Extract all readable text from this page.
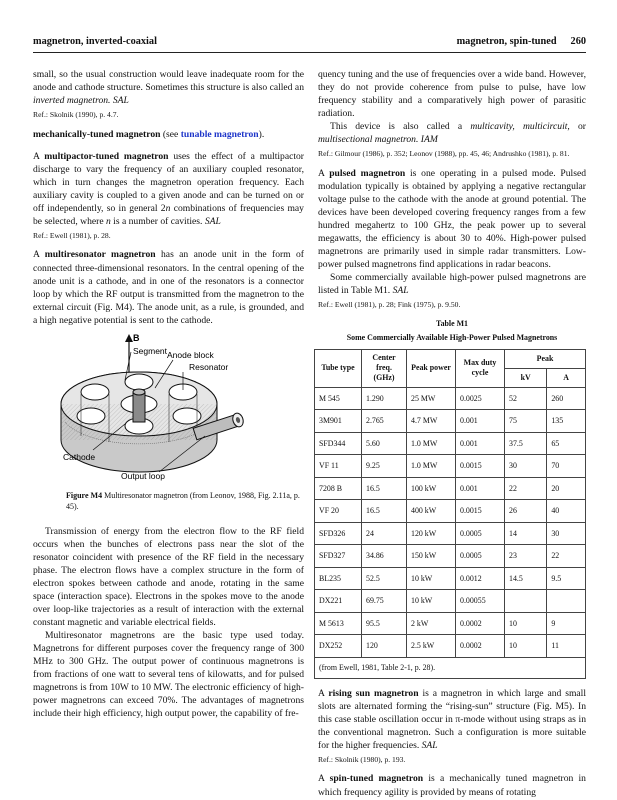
magnetron, inverted-coaxial	magnetron, spin-tuned 260

small, so the usual construction would leave inadequate room for the anode and cathode structure. Sometimes this structure is also called an inverted magnetron. SAL

Ref.: Skolnik (1990), p. 4.7.

mechanically-tuned magnetron (see tunable magnetron).

A multipactor-tuned magnetron uses the effect of a multipactor discharge to vary the frequency of an auxiliary coupled resonator, which in turn changes the magnetron operation frequency. Each auxiliary cavity is coupled to a given anode and can be turned on or off independently, so in general 2n combinations of frequencies may be selected, where n is a number of cavities. SAL

Ref.: Ewell (1981), p. 28.

A multiresonator magnetron has an anode unit in the form of connected three-dimensional resonators. In the central opening of the anode unit is a cathode, and in one of the resonators is a connector loop by which the RF output is transmitted from the magnetron to the external circuit (Fig. M4). The anode unit, as a rule, is grounded, and a high negative potential is sent to the cathode.

B
Segment Anode block
Resonator
Cathode
Output loop
Figure M4 Multiresonator magnetron (from Leonov, 1988, Fig. 2.11a, p. 45).

Transmission of energy from the electron flow to the RF field occurs when the bunches of electrons pass near the slot of the resonator coincident with presence of the RF field in the necessary phase. The electron flows have a complex structure in the form of electron spokes between cathode and anode, rotating in the same space (interaction space). Electrons in the spokes move to the anode over loop-like trajectories as a result of interaction with the external constant magnetic and variable electrical fields.

Multiresonator magnetrons are the basic type used today. Magnetrons for different purposes cover the frequency range of 300 MHz to 300 GHz. The output power of continuous magnetrons is from fractions of one watt to several tens of kilowatts, and for pulsed magnetrons is from 10W to 10 MW. The electronic efficiency of high-power magnetrons can exceed 70%. The advantages of magnetrons include their high efficiency, high output power, the capability of fre-

quency tuning and the use of frequencies over a wide band. However, they do not provide coherence from pulse to pulse, have low frequency stability and a comparatively high power of parasitic radiation.

This device is also called a multicavity, multicircuit, or multisectional magnetron. IAM

Ref.: Gilmour (1986), p. 352; Leonov (1988), pp. 45, 46; Andrushko (1981), p. 81.

A pulsed magnetron is one operating in a pulsed mode. Pulsed modulation typically is obtained by applying a negative rectangular voltage pulse to the cathode with the anode at ground potential. The devices have been developed covering frequency ranges from a few hundred megahertz to 100 GHz, the peak power up to several megawatts, the efficiency is about 30 to 40%. High-power pulsed magnetrons are primarily used in simple radar transmitters. Low-power pulsed magnetrons find applications in radar beacons.

Some commercially available high-power pulsed magnetrons are listed in Table M1. SAL

Ref.: Ewell (1981), p. 28; Fink (1975), p. 9.50.
Table M1
Some Commercially Available High-Power Pulsed Magnetrons
Tube type	Center freq. (GHz)	Peak power	Max duty cycle	Peak	
				kV	A
M 545	1.290	25 MW	0.0025	52	260
3M901	2.765	4.7 MW	0.001	75	135
SFD344	5.60	1.0 MW	0.001	37.5	65
VF 11	9.25	1.0 MW	0.0015	30	70
7208 B	16.5	100 kW	0.001	22	20
VF 20	16.5	400 kW	0.0015	26	40
SFD326	24	120 kW	0.0005	14	30
SFD327	34.86	150 kW	0.0005	23	22
BL235	52.5	10 kW	0.0012	14.5	9.5
DX221	69.75	10 kW	0.00055		
M 5613	95.5	2 kW	0.0002	10	9
DX252	120	2.5 kW	0.0002	10	11
(from Ewell, 1981, Table 2-1, p. 28).					

A rising sun magnetron is a magnetron in which large and small slots are alternated forming the “rising-sun” structure (Fig. M5). In this case stable oscillation occur in π-mode without using straps as in the conventional magnetron. Such a configuration is more suitable for the higher frequencies. SAL

Ref.: Skolnik (1980), p. 193.

A spin-tuned magnetron is a mechanically tuned magnetron in which frequency agility is provided by means of rotating
